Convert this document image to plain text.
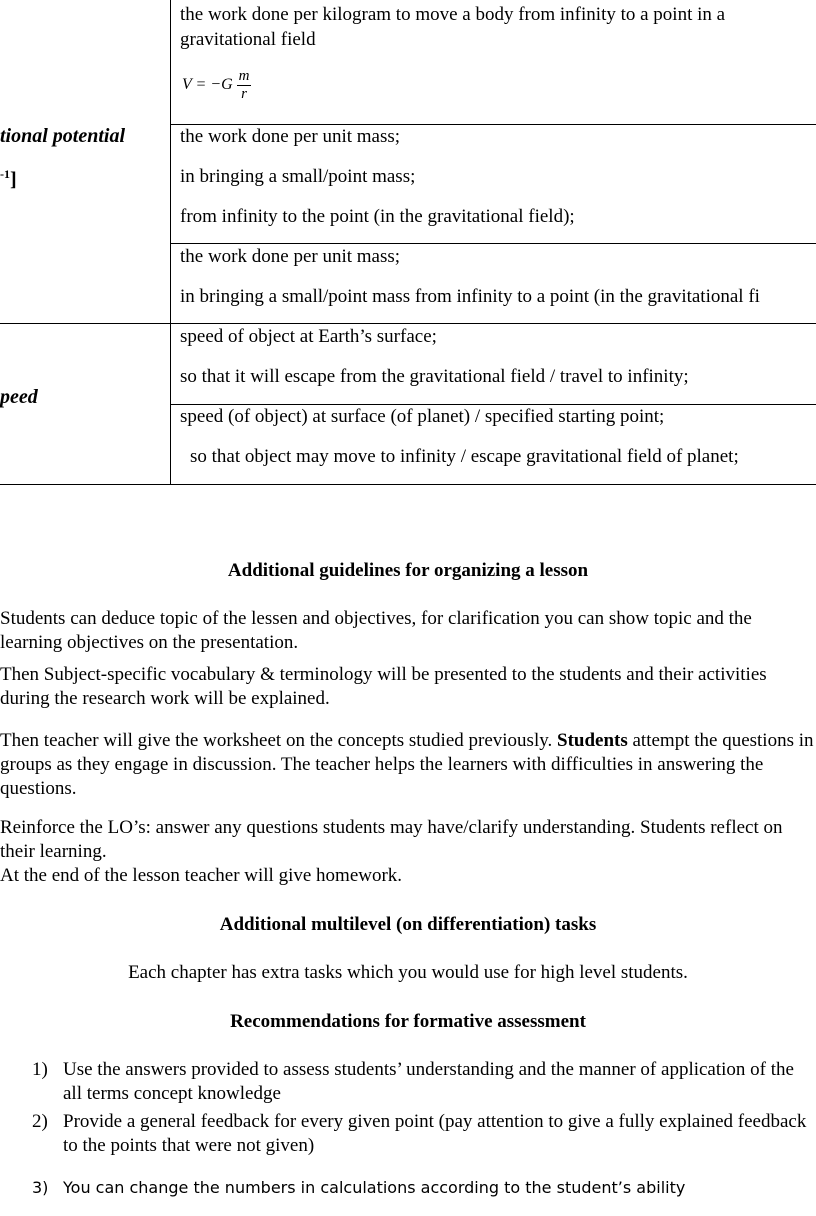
the work done per kilogram to move a body from infinity to a point in a
gravitational field
$V = -G \frac{m}{r}$
tional potential
$^{-1}$]
the work done per unit mass;
in bringing a small/point mass;
from infinity to the point (in the gravitational field);
the work done per unit mass;
in bringing a small/point mass from infinity to a point (in the gravitational fi
peed
speed of object at Earth’s surface;
so that it will escape from the gravitational field / travel to infinity;
speed (of object) at surface (of planet) / specified starting point;
so that object may move to infinity / escape gravitational field of planet;
Additional guidelines for organizing a lesson

Students can deduce topic of the lessen and objectives, for clarification you can show topic and the learning objectives on the presentation.

Then Subject-specific vocabulary & terminology will be presented to the students and their activities during the research work will be explained.

Then teacher will give the worksheet on the concepts studied previously. Students attempt the questions in groups as they engage in discussion. The teacher helps the learners with difficulties in answering the questions.

Reinforce the LO’s: answer any questions students may have/clarify understanding. Students reflect on their learning.

At the end of the lesson teacher will give homework.

Additional multilevel (on differentiation) tasks

Each chapter has extra tasks which you would use for high level students.

Recommendations for formative assessment
1) Use the answers provided to assess students’ understanding and the manner of application of the all terms concept knowledge
2) Provide a general feedback for every given point (pay attention to give a fully explained feedback to the points that were not given)
3) You can change the numbers in calculations according to the student’s ability
